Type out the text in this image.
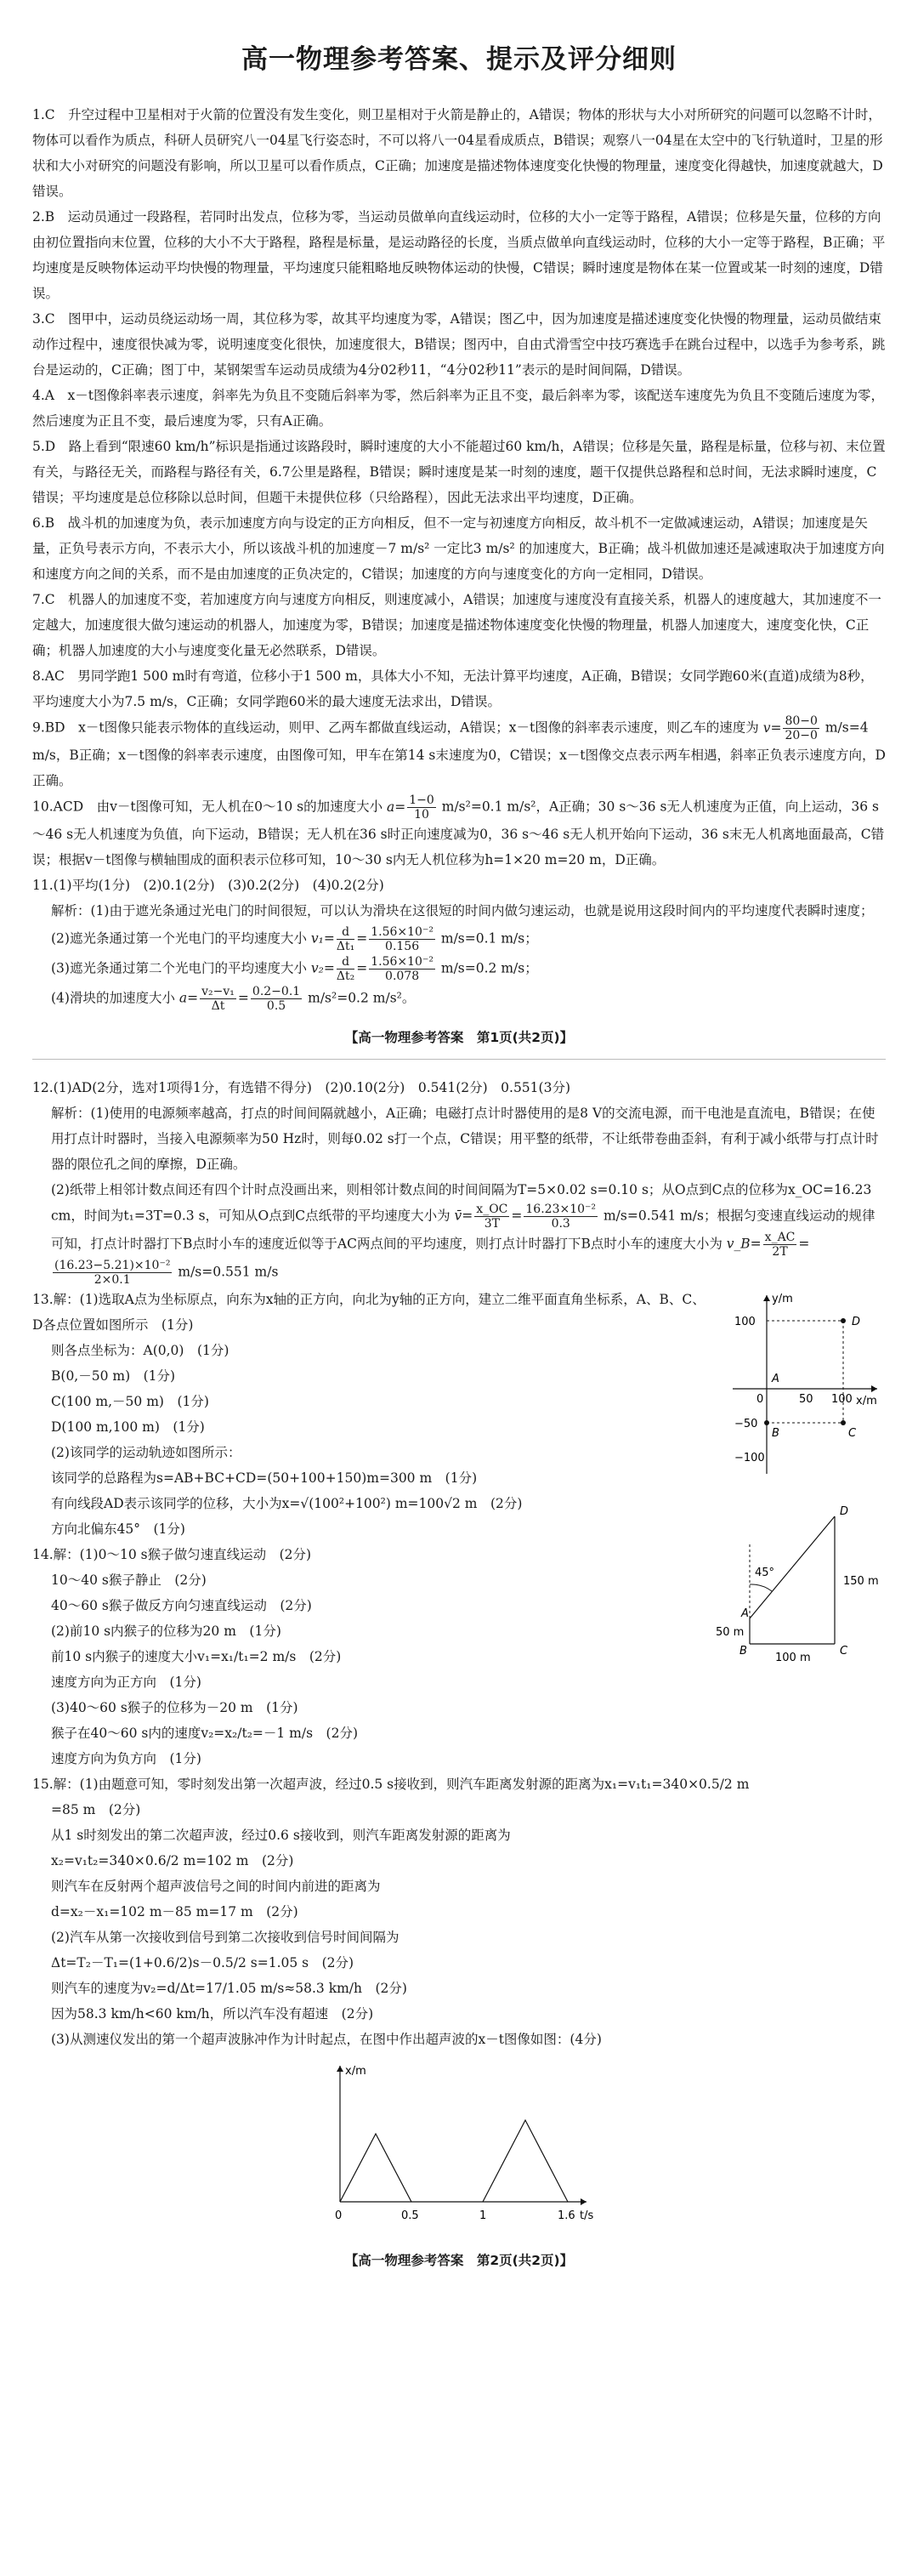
高一物理参考答案、提示及评分细则

1.C　升空过程中卫星相对于火箭的位置没有发生变化，则卫星相对于火箭是静止的，A错误；物体的形状与大小对所研究的问题可以忽略不计时，物体可以看作为质点，科研人员研究八一04星飞行姿态时，不可以将八一04星看成质点，B错误；观察八一04星在太空中的飞行轨道时，卫星的形状和大小对研究的问题没有影响，所以卫星可以看作质点，C正确；加速度是描述物体速度变化快慢的物理量，速度变化得越快，加速度就越大，D错误。

2.B　运动员通过一段路程，若同时出发点，位移为零，当运动员做单向直线运动时，位移的大小一定等于路程，A错误；位移是矢量，位移的方向由初位置指向末位置，位移的大小不大于路程，路程是标量，是运动路径的长度，当质点做单向直线运动时，位移的大小一定等于路程，B正确；平均速度是反映物体运动平均快慢的物理量，平均速度只能粗略地反映物体运动的快慢，C错误；瞬时速度是物体在某一位置或某一时刻的速度，D错误。

3.C　图甲中，运动员绕运动场一周，其位移为零，故其平均速度为零，A错误；图乙中，因为加速度是描述速度变化快慢的物理量，运动员做结束动作过程中，速度很快减为零，说明速度变化很快，加速度很大，B错误；图丙中，自由式滑雪空中技巧赛选手在跳台过程中，以选手为参考系，跳台是运动的，C正确；图丁中，某钢架雪车运动员成绩为4分02秒11，“4分02秒11”表示的是时间间隔，D错误。

4.A　x－t图像斜率表示速度，斜率先为负且不变随后斜率为零，然后斜率为正且不变，最后斜率为零，该配送车速度先为负且不变随后速度为零，然后速度为正且不变，最后速度为零，只有A正确。

5.D　路上看到“限速60 km/h”标识是指通过该路段时，瞬时速度的大小不能超过60 km/h，A错误；位移是矢量，路程是标量，位移与初、末位置有关，与路径无关，而路程与路径有关，6.7公里是路程，B错误；瞬时速度是某一时刻的速度，题干仅提供总路程和总时间，无法求瞬时速度，C错误；平均速度是总位移除以总时间，但题干未提供位移（只给路程），因此无法求出平均速度，D正确。

6.B　战斗机的加速度为负，表示加速度方向与设定的正方向相反，但不一定与初速度方向相反，故斗机不一定做减速运动，A错误；加速度是矢量，正负号表示方向，不表示大小，所以该战斗机的加速度－7 m/s² 一定比3 m/s² 的加速度大，B正确；战斗机做加速还是减速取决于加速度方向和速度方向之间的关系，而不是由加速度的正负决定的，C错误；加速度的方向与速度变化的方向一定相同，D错误。

7.C　机器人的加速度不变，若加速度方向与速度方向相反，则速度减小，A错误；加速度与速度没有直接关系，机器人的速度越大，其加速度不一定越大，加速度很大做匀速运动的机器人，加速度为零，B错误；加速度是描述物体速度变化快慢的物理量，机器人加速度大，速度变化快，C正确；机器人加速度的大小与速度变化量无必然联系，D错误。

8.AC　男同学跑1 500 m时有弯道，位移小于1 500 m，具体大小不知，无法计算平均速度，A正确，B错误；女同学跑60米(直道)成绩为8秒，平均速度大小为7.5 m/s，C正确；女同学跑60米的最大速度无法求出，D错误。

9.BD　x－t图像只能表示物体的直线运动，则甲、乙两车都做直线运动，A错误；x－t图像的斜率表示速度，则乙车的速度为 $v= \frac{80-0}{20-0} m/s=4$ m/s，B正确；x－t图像的斜率表示速度，由图像可知，甲车在第14 s末速度为0，C错误；x－t图像交点表示两车相遇，斜率正负表示速度方向，D正确。

10.ACD　由v－t图像可知，无人机在0～10 s的加速度大小 $a= \frac{1-0}{10} m/s^2=0.1$ m/s²，A正确；30 s～36 s无人机速度为正值，向上运动，36 s～46 s无人机速度为负值，向下运动，B错误；无人机在36 s时正向速度减为0，36 s～46 s无人机开始向下运动，36 s末无人机离地面最高，C错误；根据v－t图像与横轴围成的面积表示位移可知，10～30 s内无人机位移为h=1×20 m=20 m，D正确。

11.(1)平均(1分)　(2)0.1(2分)　(3)0.2(2分)　(4)0.2(2分)

解析：(1)由于遮光条通过光电门的时间很短，可以认为滑块在这很短的时间内做匀速运动，也就是说用这段时间内的平均速度代表瞬时速度；

(2)遮光条通过第一个光电门的平均速度大小 $v_1= \frac{d}{\text{Δt₁}} = \frac{\text{1.56×10⁻²}}{0.156} m/s=0.1$ m/s；

(3)遮光条通过第二个光电门的平均速度大小 $v_2= \frac{d}{\text{Δt₂}} = \frac{\text{1.56×10⁻²}}{0.078} m/s=0.2$ m/s；

(4)滑块的加速度大小 $a= \frac{\text{v₂−v₁}}{\Delta t} = \frac{0.2-0.1}{0.5} m/s^2=0.2$ m/s²。

【高一物理参考答案　第1页(共2页)】

12.(1)AD(2分，选对1项得1分，有选错不得分)　(2)0.10(2分)　0.541(2分)　0.551(3分)

解析：(1)使用的电源频率越高，打点的时间间隔就越小，A正确；电磁打点计时器使用的是8 V的交流电源，而干电池是直流电，B错误；在使用打点计时器时，当接入电源频率为50 Hz时，则每0.02 s打一个点，C错误；用平整的纸带，不让纸带卷曲歪斜，有利于减小纸带与打点计时器的限位孔之间的摩擦，D正确。

(2)纸带上相邻计数点间还有四个计时点没画出来，则相邻计数点间的时间间隔为T=5×0.02 s=0.10 s；从O点到C点的位移为x_OC=16.23 cm，时间为t₁=3T=0.3 s，可知从O点到C点纸带的平均速度大小为 v̄= $\frac{x\_OC}{3T} = \frac{\text{16.23×10⁻²}}{0.3} m/s=0.541$ m/s；根据匀变速直线运动的规律可知，打点计时器打下B点时小车的速度近似等于AC两点间的平均速度，则打点计时器打下B点时小车的速度大小为 v_B= $\frac{x\_AC}{2T}$ =
$\frac{\text{(16.23−5.21)×10⁻²}}{2\times 0.1} m/s=0.551$ m/s

13.解：(1)选取A点为坐标原点，向东为x轴的正方向，向北为y轴的正方向，建立二维平面直角坐标系，A、B、C、D各点位置如图所示　(1分)

则各点坐标为：A(0,0)　(1分)

B(0,－50 m)　(1分)

C(100 m,－50 m)　(1分)

D(100 m,100 m)　(1分)

(2)该同学的运动轨迹如图所示：

该同学的总路程为s=AB+BC+CD=(50+100+150)m=300 m　(1分)

有向线段AD表示该同学的位移，大小为x=√(100²+100²) m=100√2 m　(2分)

方向北偏东45°　(1分)

14.解：(1)0～10 s猴子做匀速直线运动　(2分)

10～40 s猴子静止　(2分)

40～60 s猴子做反方向匀速直线运动　(2分)

(2)前10 s内猴子的位移为20 m　(1分)

前10 s内猴子的速度大小v₁=x₁/t₁=2 m/s　(2分)

速度方向为正方向　(1分)

(3)40～60 s猴子的位移为－20 m　(1分)

猴子在40～60 s内的速度v₂=x₂/t₂=－1 m/s　(2分)

速度方向为负方向　(1分)

y/m
x/m
100
−50
−100
0	50 100
D
A
B	C

45°
A
B	C
D
50 m
100 m
150 m

15.解：(1)由题意可知，零时刻发出第一次超声波，经过0.5 s接收到，则汽车距离发射源的距离为x₁=v₁t₁=340×0.5/2 m

=85 m　(2分)

从1 s时刻发出的第二次超声波，经过0.6 s接收到，则汽车距离发射源的距离为

x₂=v₁t₂=340×0.6/2 m=102 m　(2分)

则汽车在反射两个超声波信号之间的时间内前进的距离为

d=x₂－x₁=102 m－85 m=17 m　(2分)

(2)汽车从第一次接收到信号到第二次接收到信号时间间隔为

Δt=T₂－T₁=(1+0.6/2)s－0.5/2 s=1.05 s　(2分)

则汽车的速度为v₂=d/Δt=17/1.05 m/s≈58.3 km/h　(2分)

因为58.3 km/h<60 km/h，所以汽车没有超速　(2分)

(3)从测速仪发出的第一个超声波脉冲作为计时起点，在图中作出超声波的x－t图像如图：(4分)

x/m
t/s
0	0.5	1	1.6
【高一物理参考答案　第2页(共2页)】
